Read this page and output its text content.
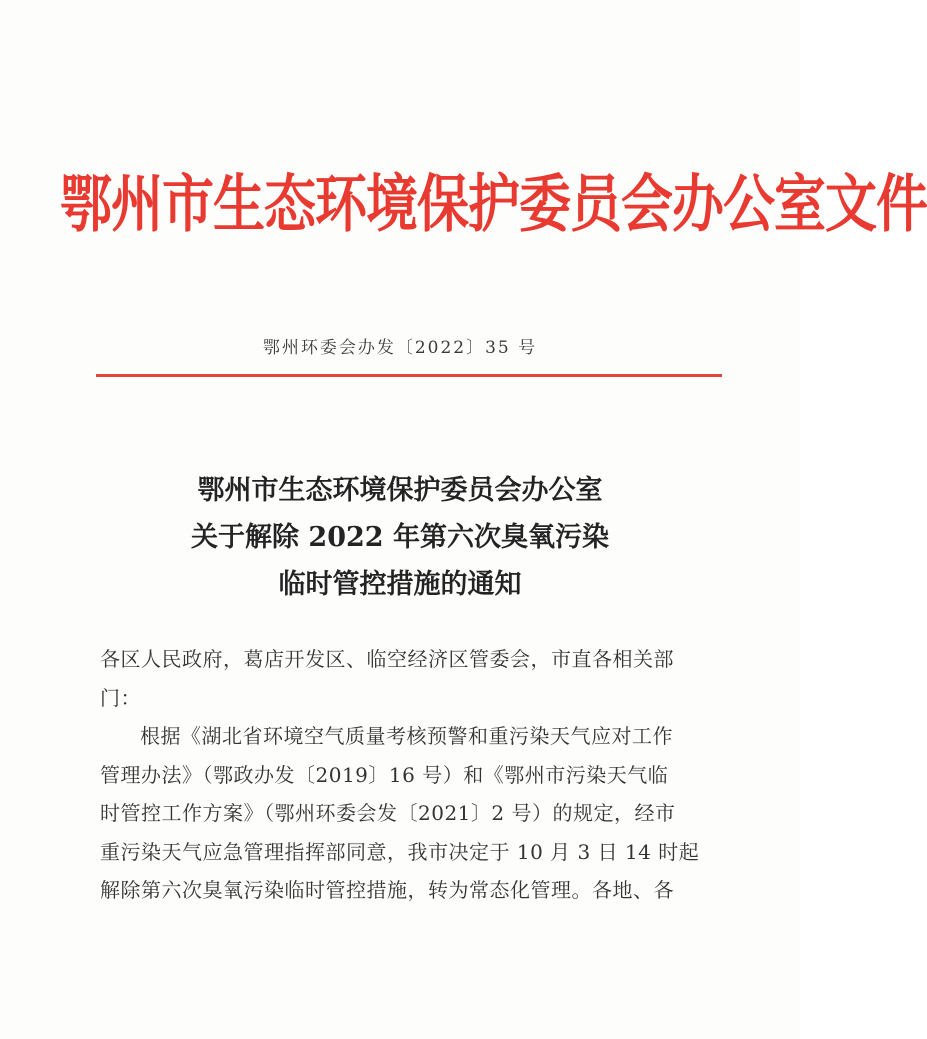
鄂州市生态环境保护委员会办公室文件
鄂州环委会办发〔2022〕35 号
鄂州市生态环境保护委员会办公室
关于解除 2022 年第六次臭氧污染
临时管控措施的通知
各区人民政府，葛店开发区、临空经济区管委会，市直各相关部
门：
根据《湖北省环境空气质量考核预警和重污染天气应对工作
管理办法》（鄂政办发〔2019〕16 号）和《鄂州市污染天气临
时管控工作方案》（鄂州环委会发〔2021〕2 号）的规定，经市
重污染天气应急管理指挥部同意，我市决定于 10 月 3 日 14 时起
解除第六次臭氧污染临时管控措施，转为常态化管理。各地、各
